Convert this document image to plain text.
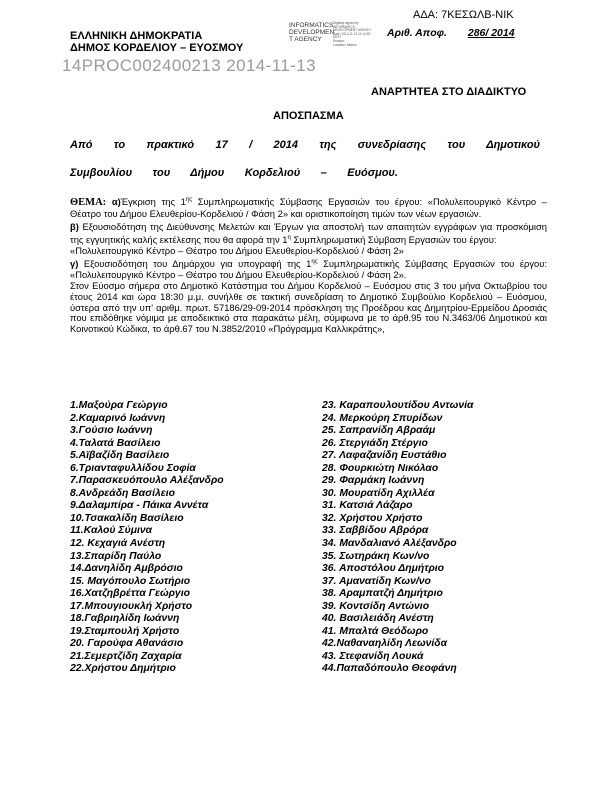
ΑΔΑ: 7ΚΕΣΩΛΒ-ΝΙΚ
ΕΛΛΗΝΙΚΗ ΔΗΜΟΚΡΑΤΙΑ
ΔΗΜΟΣ ΚΟΡΔΕΛΙΟΥ – ΕΥΟΣΜΟΥ
INFORMATICS
DEVELOPMEN
T AGENCY
Digitally signed by
INFORMATICS
DEVELOPMENT AGENCY
Date: 2014.11.13 11:14:53
EEST
Reason:
Location: Athens
Αριθ. Αποφ. 286/ 2014
14PROC002400213 2014-11-13
ΑΝΑΡΤΗΤΕΑ ΣΤΟ ΔΙΑΔΙΚΤΥΟ
ΑΠΟΣΠΑΣΜΑ
Από το πρακτικό 17 / 2014 της συνεδρίασης του Δημοτικού
Συμβουλίου του Δήμου Κορδελιού – Ευόσμου.
ΘΕΜΑ: α)Έγκριση της $1^{\eta\varsigma}$ Συμπληρωματικής Σύμβασης Εργασιών του έργου: «Πολυλειτουργικό Κέντρο – Θέατρο του Δήμου Ελευθερίου-Κορδελιού / Φάση 2» και οριστικοποίηση τιμών των νέων εργασιών.
β) Εξουσιοδότηση της Διεύθυνσης Μελετών και Έργων για αποστολή των απαιτητών εγγράφων για προσκόμιση της εγγυητικής καλής εκτέλεσης που θα αφορά την $1^\eta$ Συμπληρωματική Σύμβαση Εργασιών του έργου:
«Πολυλειτουργικό Κέντρο – Θέατρο του Δήμου Ελευθερίου-Κορδελιού / Φάση 2»
γ) Εξουσιοδότηση του Δημάρχου για υπογραφή της $1^{\eta\varsigma}$ Συμπληρωματικής Σύμβασης Εργασιών του έργου: «Πολυλειτουργικό Κέντρο – Θέατρο του Δήμου Ελευθερίου-Κορδελιού / Φάση 2».
Στον Εύοσμο σήμερα στο Δημοτικό Κατάστημα του Δήμου Κορδελιού – Ευόσμου στις 3 του μήνα Οκτωβρίου του έτους 2014 και ώρα 18:30 μ.μ. συνήλθε σε τακτική συνεδρίαση το Δημοτικό Συμβούλιο Κορδελιού – Ευόσμου, ύστερα από την υπ' αριθμ. πρωτ. 57186/29-09-2014 πρόσκληση της Προέδρου κας Δημητρίου-Ερμείδου Δροσιάς που επιδόθηκε νόμιμα με αποδεικτικό στα παρακάτω μέλη, σύμφωνα με το άρθ.95 του Ν.3463/06 Δημοτικού και Κοινοτικού Κώδικα, το άρθ.67 του Ν.3852/2010 «Πρόγραμμα Καλλικράτης»,
1.Μαξούρα Γεώργιο
2.Καμαρινό Ιωάννη
3.Γούσιο Ιωάννη
4.Ταλατά Βασίλειο
5.Αϊβαζίδη Βασίλειο
6.Τριανταφυλλίδου Σοφία
7.Παρασκευόπουλο Αλέξανδρο
8.Ανδρεάδη Βασίλειο
9.Δαλαμπίρα - Πάικα Αννέτα
10.Τσακαλίδη Βασίλειο
11.Καλού Σύμινα
12. Κεχαγιά Ανέστη
13.Σπαρίδη Παύλο
14.Δανηλίδη Αμβρόσιο
15. Μαγόπουλο Σωτήριο
16.Χατζηβρέττα Γεώργιο
17.Μπουγιουκλή Χρήστο
18.Γαβριηλίδη Ιωάννη
19.Σταμπουλή Χρήστο
20. Γαρούφα Αθανάσιο
21.Σεμερτζίδη Ζαχαρία
22.Χρήστου Δημήτριο
23. Καραπουλουτίδου Αντωνία
24. Μερκούρη Σπυρίδων
25. Σαπρανίδη Αβραάμ
26. Στεργιάδη Στέργιο
27. Λαφαζανίδη Ευστάθιο
28. Φουρκιώτη Νικόλαο
29. Φαρμάκη Ιωάννη
30. Μουρατίδη Αχιλλέα
31. Κατσιά Λάζαρο
32. Χρήστου Χρήστο
33. Σαββίδου Αβρόρα
34. Μανδαλιανό Αλέξανδρο
35. Σωτηράκη Κων/νο
36. Αποστόλου Δημήτριο
37. Αμανατίδη Κων/νο
38. Αραμπατζή Δημήτριο
39. Κοντσίδη Αντώνιο
40. Βασιλειάδη Ανέστη
41. Μπαλτά Θεόδωρο
42.Ναθαναηλίδη Λεωνίδα
43. Στεφανίδη Λουκά
44.Παπαδόπουλο Θεοφάνη
